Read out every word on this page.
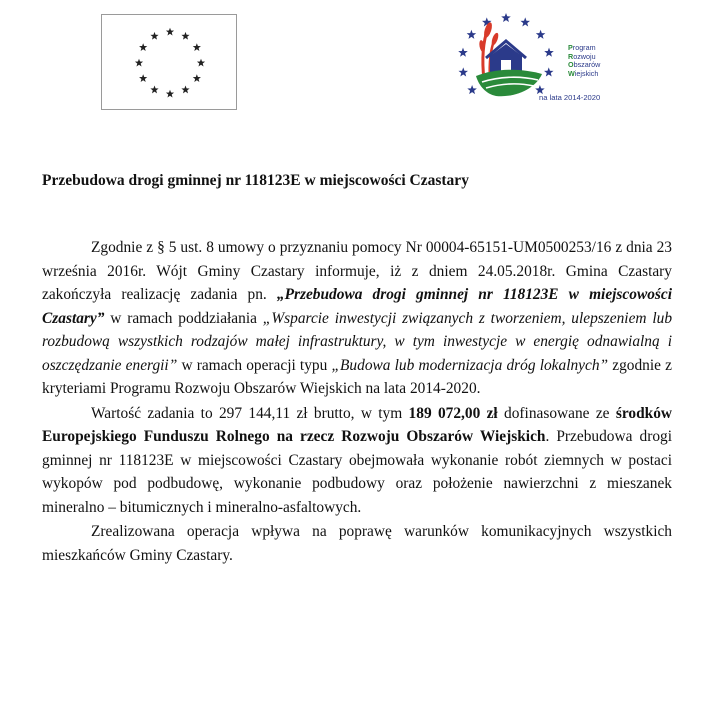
Program
Rozwoju
Obszarów
Wiejskich
na lata 2014-2020
Przebudowa drogi gminnej nr 118123E w miejscowości Czastary

Zgodnie z § 5 ust. 8 umowy o przyznaniu pomocy Nr 00004-65151-UM0500253/16 z dnia 23 września 2016r. Wójt Gminy Czastary informuje, iż z dniem 24.05.2018r. Gmina Czastary zakończyła realizację zadania pn. „Przebudowa drogi gminnej nr 118123E w miejscowości Czastary” w ramach poddziałania „Wsparcie inwestycji związanych z tworzeniem, ulepszeniem lub rozbudową wszystkich rodzajów małej infrastruktury, w tym inwestycje w energię odnawialną i oszczędzanie energii” w ramach operacji typu „Budowa lub modernizacja dróg lokalnych” zgodnie z kryteriami Programu Rozwoju Obszarów Wiejskich na lata 2014-2020.

Wartość zadania to 297 144,11 zł brutto, w tym 189 072,00 zł dofinasowane ze środków Europejskiego Funduszu Rolnego na rzecz Rozwoju Obszarów Wiejskich. Przebudowa drogi gminnej nr 118123E w miejscowości Czastary obejmowała wykonanie robót ziemnych w postaci wykopów pod podbudowę, wykonanie podbudowy oraz położenie nawierzchni z mieszanek mineralno – bitumicznych i mineralno-asfaltowych.

Zrealizowana operacja wpływa na poprawę warunków komunikacyjnych wszystkich mieszkańców Gminy Czastary.
